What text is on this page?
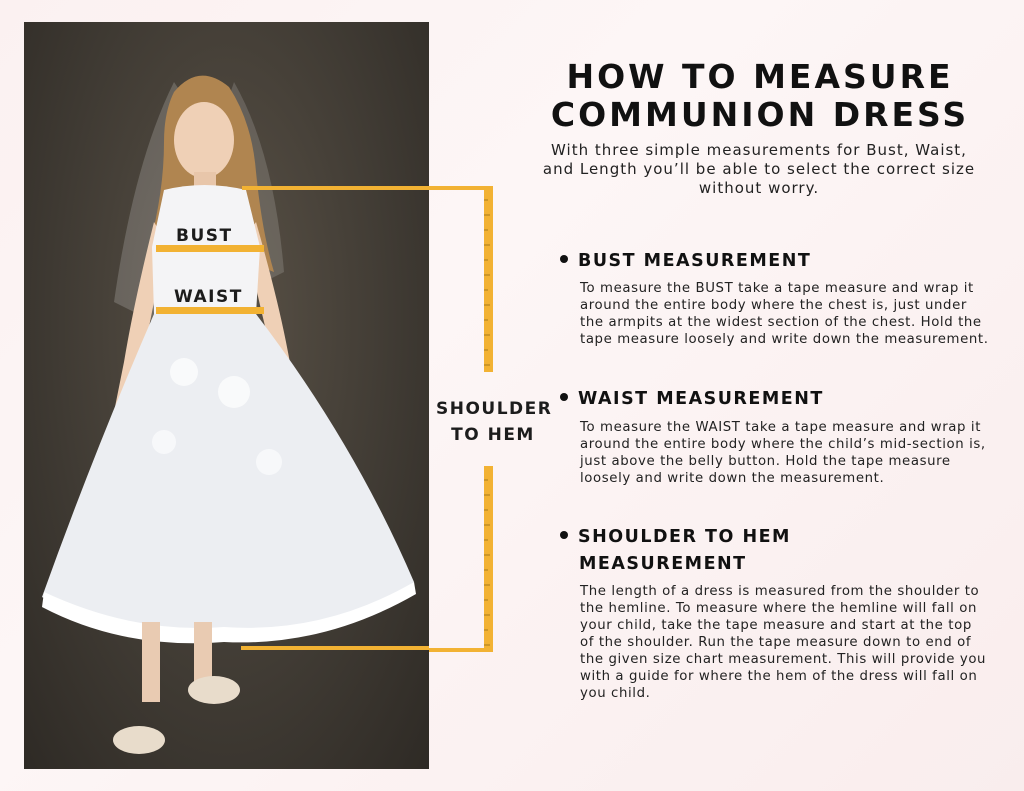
BUST
WAIST
SHOULDER
TO HEM
HOW TO MEASURE
COMMUNION DRESS
With three simple measurements for Bust, Waist, and Length you’ll be able to select the correct size without worry.
BUST MEASUREMENT
To measure the BUST take a tape measure and wrap it around the entire body where the chest is, just under the armpits at the widest section of the chest. Hold the tape measure loosely and write down the measurement.
WAIST MEASUREMENT
To measure the WAIST take a tape measure and wrap it around the entire body where the child’s mid-section is, just above the belly button. Hold the tape measure loosely and write down the measurement.
SHOULDER TO HEM
MEASUREMENT
The length of a dress is measured from the shoulder to the hemline. To measure where the hemline will fall on your child, take the tape measure and start at the top of the shoulder. Run the tape measure down to end of the given size chart measurement. This will provide you with a guide for where the hem of the dress will fall on you child.
